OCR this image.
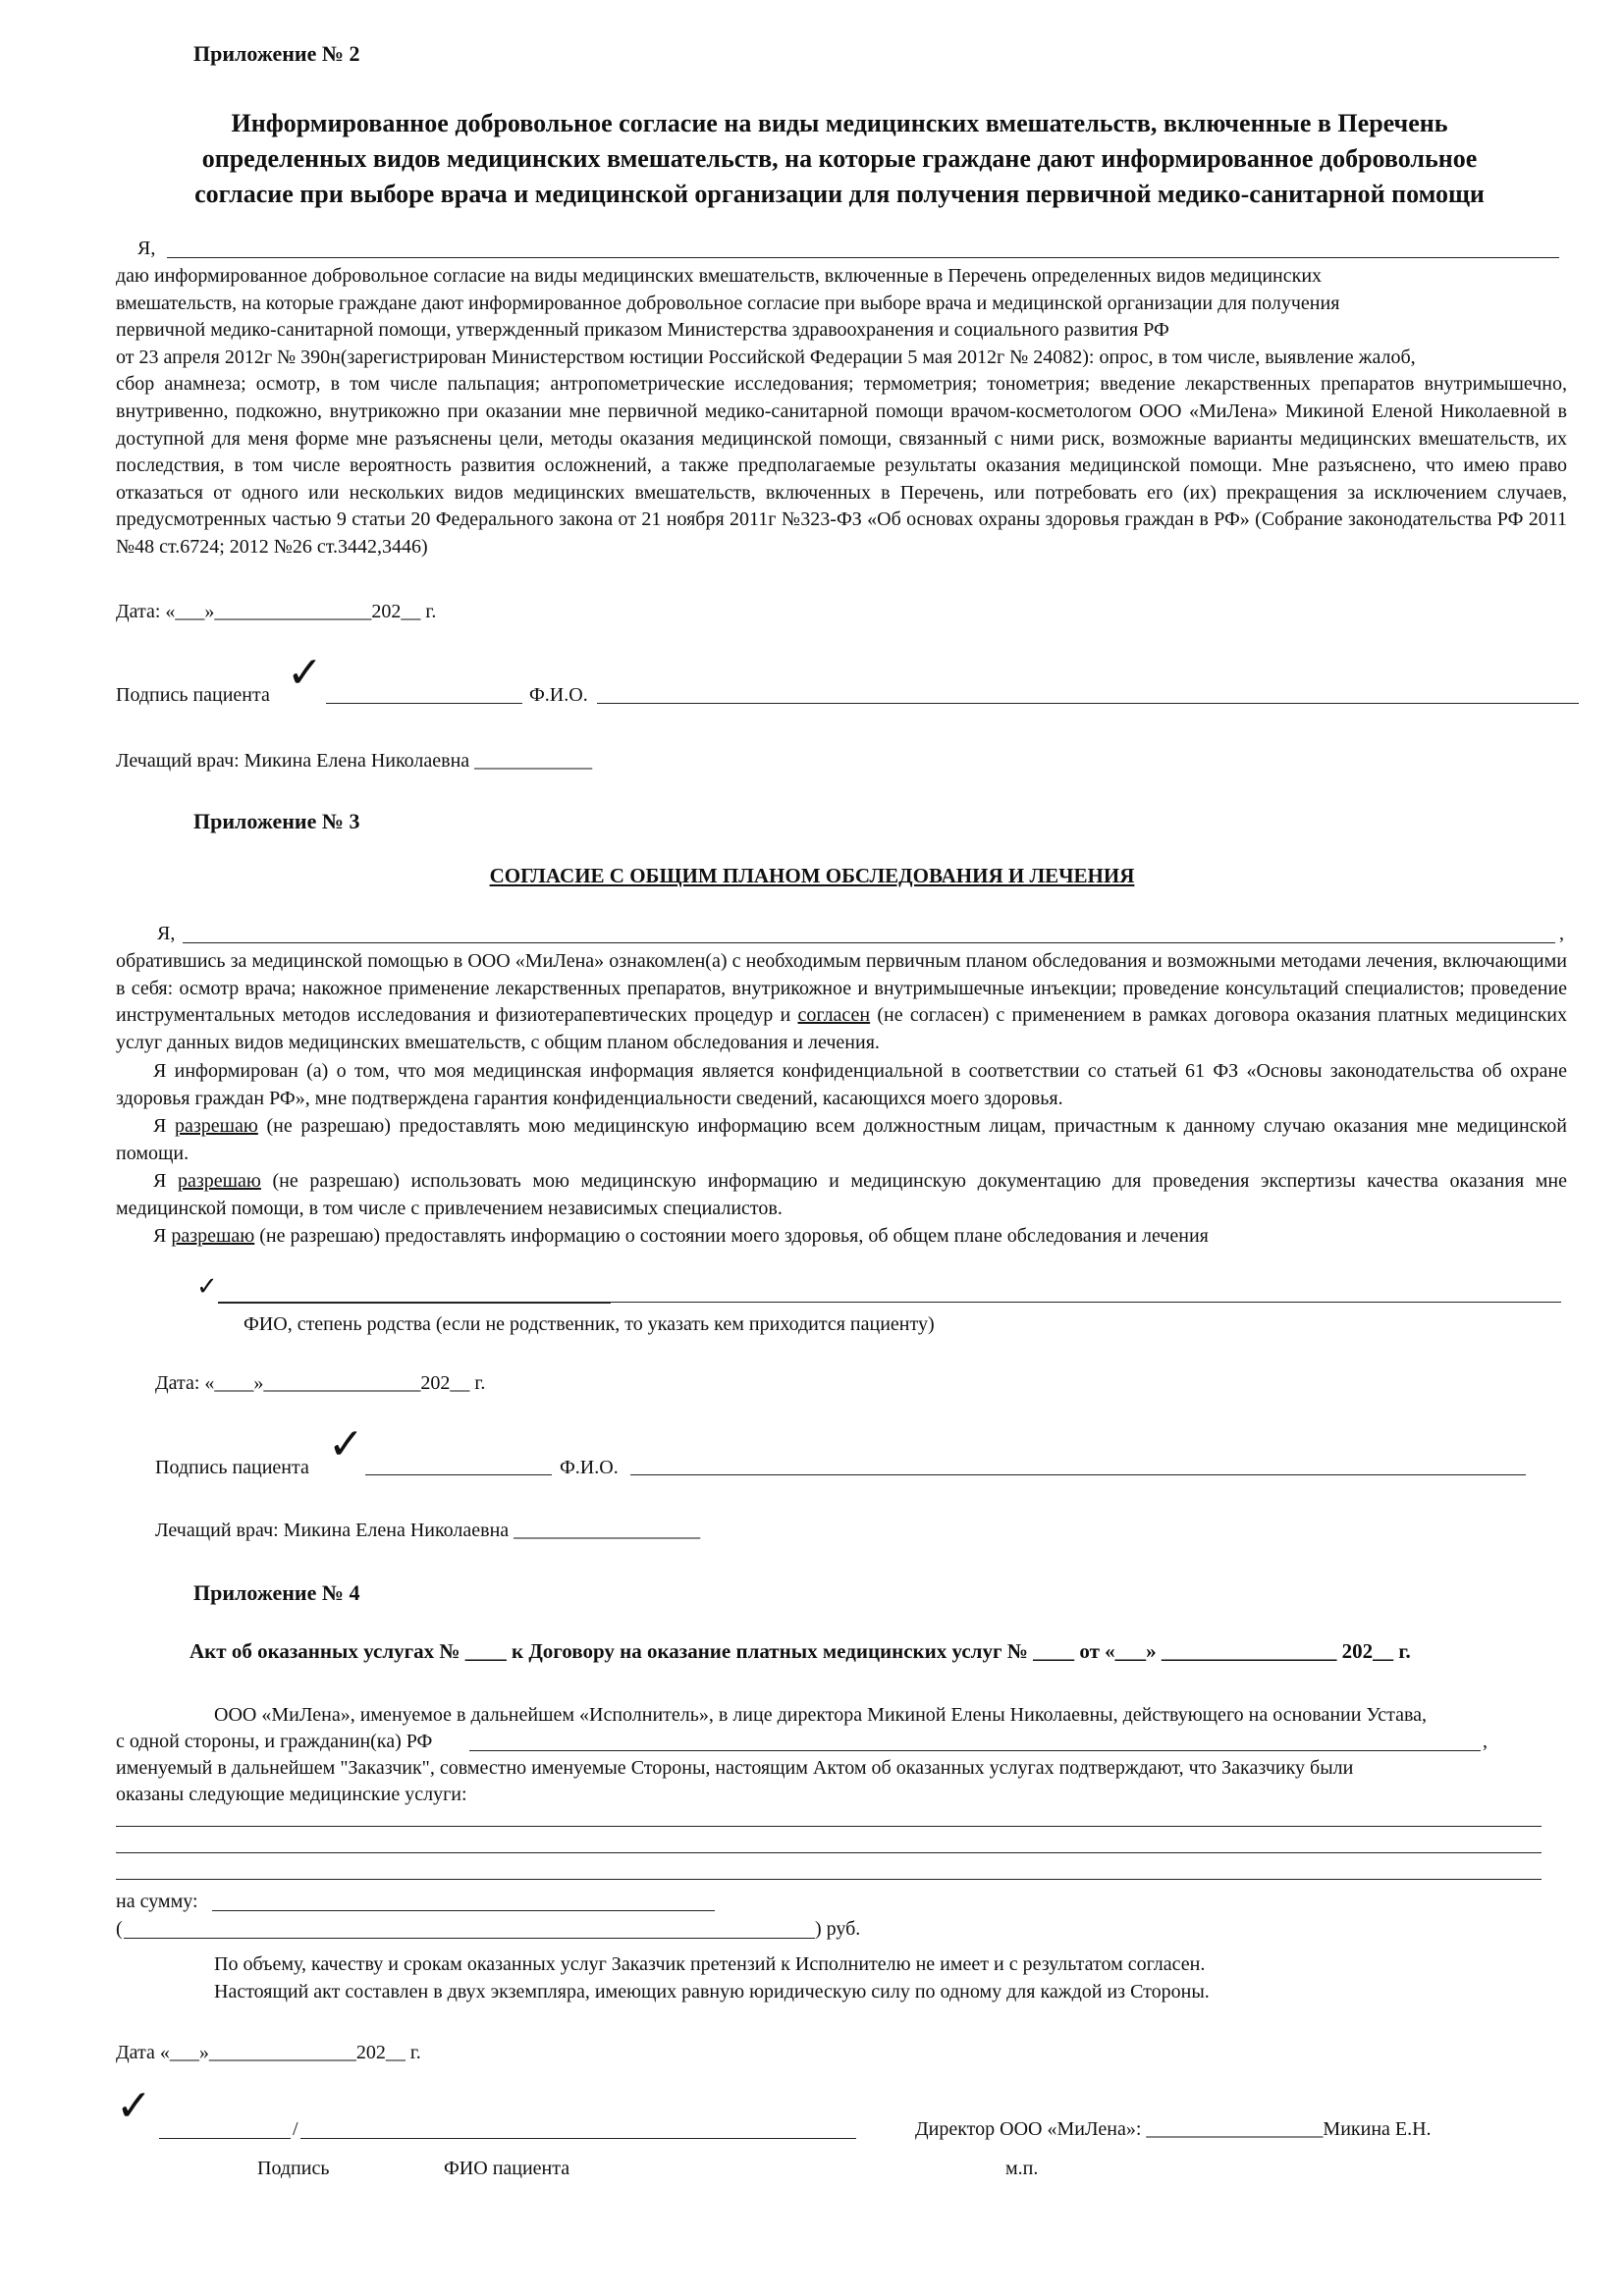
Приложение № 2
Информированное добровольное согласие на виды медицинских вмешательств, включенные в Перечень
определенных видов медицинских вмешательств, на которые граждане дают информированное добровольное
согласие при выборе врача и медицинской организации для получения первичной медико-санитарной помощи
Я,
даю информированное добровольное согласие на виды медицинских вмешательств, включенные в Перечень определенных видов медицинских
вмешательств, на которые граждане дают информированное добровольное согласие при выборе врача и медицинской организации для получения
первичной медико-санитарной помощи, утвержденный приказом Министерства здравоохранения и социального развития РФ
от 23 апреля 2012г № 390н(зарегистрирован Министерством юстиции Российской Федерации 5 мая 2012г № 24082): опрос, в том числе, выявление жалоб,
сбор анамнеза; осмотр, в том числе пальпация; антропометрические исследования; термометрия; тонометрия; введение лекарственных препаратов внутримышечно, внутривенно, подкожно, внутрикожно при оказании мне первичной медико-санитарной помощи врачом-косметологом ООО «МиЛена» Микиной Еленой Николаевной в доступной для меня форме мне разъяснены цели, методы оказания медицинской помощи, связанный с ними риск, возможные варианты медицинских вмешательств, их последствия, в том числе вероятность развития осложнений, а также предполагаемые результаты оказания медицинской помощи. Мне разъяснено, что имею право отказаться от одного или нескольких видов медицинских вмешательств, включенных в Перечень, или потребовать его (их) прекращения за исключением случаев, предусмотренных частью 9 статьи 20 Федерального закона от 21 ноября 2011г №323-ФЗ «Об основах охраны здоровья граждан в РФ» (Собрание законодательства РФ 2011 №48 ст.6724; 2012 №26 ст.3442,3446)
Дата: «___»________________202__ г.
Подпись пациента ✓	Ф.И.О.
Лечащий врач: Микина Елена Николаевна ____________
Приложение № 3
СОГЛАСИЕ С ОБЩИМ ПЛАНОМ ОБСЛЕДОВАНИЯ И ЛЕЧЕНИЯ
Я,	,
обратившись за медицинской помощью в ООО «МиЛена» ознакомлен(а) с необходимым первичным планом обследования и возможными методами лечения, включающими в себя: осмотр врача; накожное применение лекарственных препаратов, внутрикожное и внутримышечные инъекции; проведение консультаций специалистов; проведение инструментальных методов исследования и физиотерапевтических процедур и согласен (не согласен) с применением в рамках договора оказания платных медицинских услуг данных видов медицинских вмешательств, с общим планом обследования и лечения.
Я информирован (а) о том, что моя медицинская информация является конфиденциальной в соответствии со статьей 61 ФЗ «Основы законодательства об охране здоровья граждан РФ», мне подтверждена гарантия конфиденциальности сведений, касающихся моего здоровья.
Я разрешаю (не разрешаю) предоставлять мою медицинскую информацию всем должностным лицам, причастным к данному случаю оказания мне медицинской помощи.
Я разрешаю (не разрешаю) использовать мою медицинскую информацию и медицинскую документацию для проведения экспертизы качества оказания мне медицинской помощи, в том числе с привлечением независимых специалистов.
Я разрешаю (не разрешаю) предоставлять информацию о состоянии моего здоровья, об общем плане обследования и лечения
✓
ФИО, степень родства (если не родственник, то указать кем приходится пациенту)
Дата: «____»________________202__ г.
Подпись пациента ✓	Ф.И.О.
Лечащий врач: Микина Елена Николаевна ___________________
Приложение № 4
Акт об оказанных услугах № ____ к Договору на оказание платных медицинских услуг № ____ от «___» _________________ 202__ г.
ООО «МиЛена», именуемое в дальнейшем «Исполнитель», в лице директора Микиной Елены Николаевны, действующего на основании Устава,
с одной стороны, и гражданин(ка) РФ	,
именуемый в дальнейшем "Заказчик", совместно именуемые Стороны, настоящим Актом об оказанных услугах подтверждают, что Заказчику были
оказаны следующие медицинские услуги:
на сумму:
(	) руб.
По объему, качеству и срокам оказанных услуг Заказчик претензий к Исполнителю не имеет и с результатом согласен.
Настоящий акт составлен в двух экземпляра, имеющих равную юридическую силу по одному для каждой из Стороны.
Дата «___»_______________202__ г.
✓	/	Директор ООО «МиЛена»: __________________Микина Е.Н.
Подпись	ФИО пациента	м.п.
